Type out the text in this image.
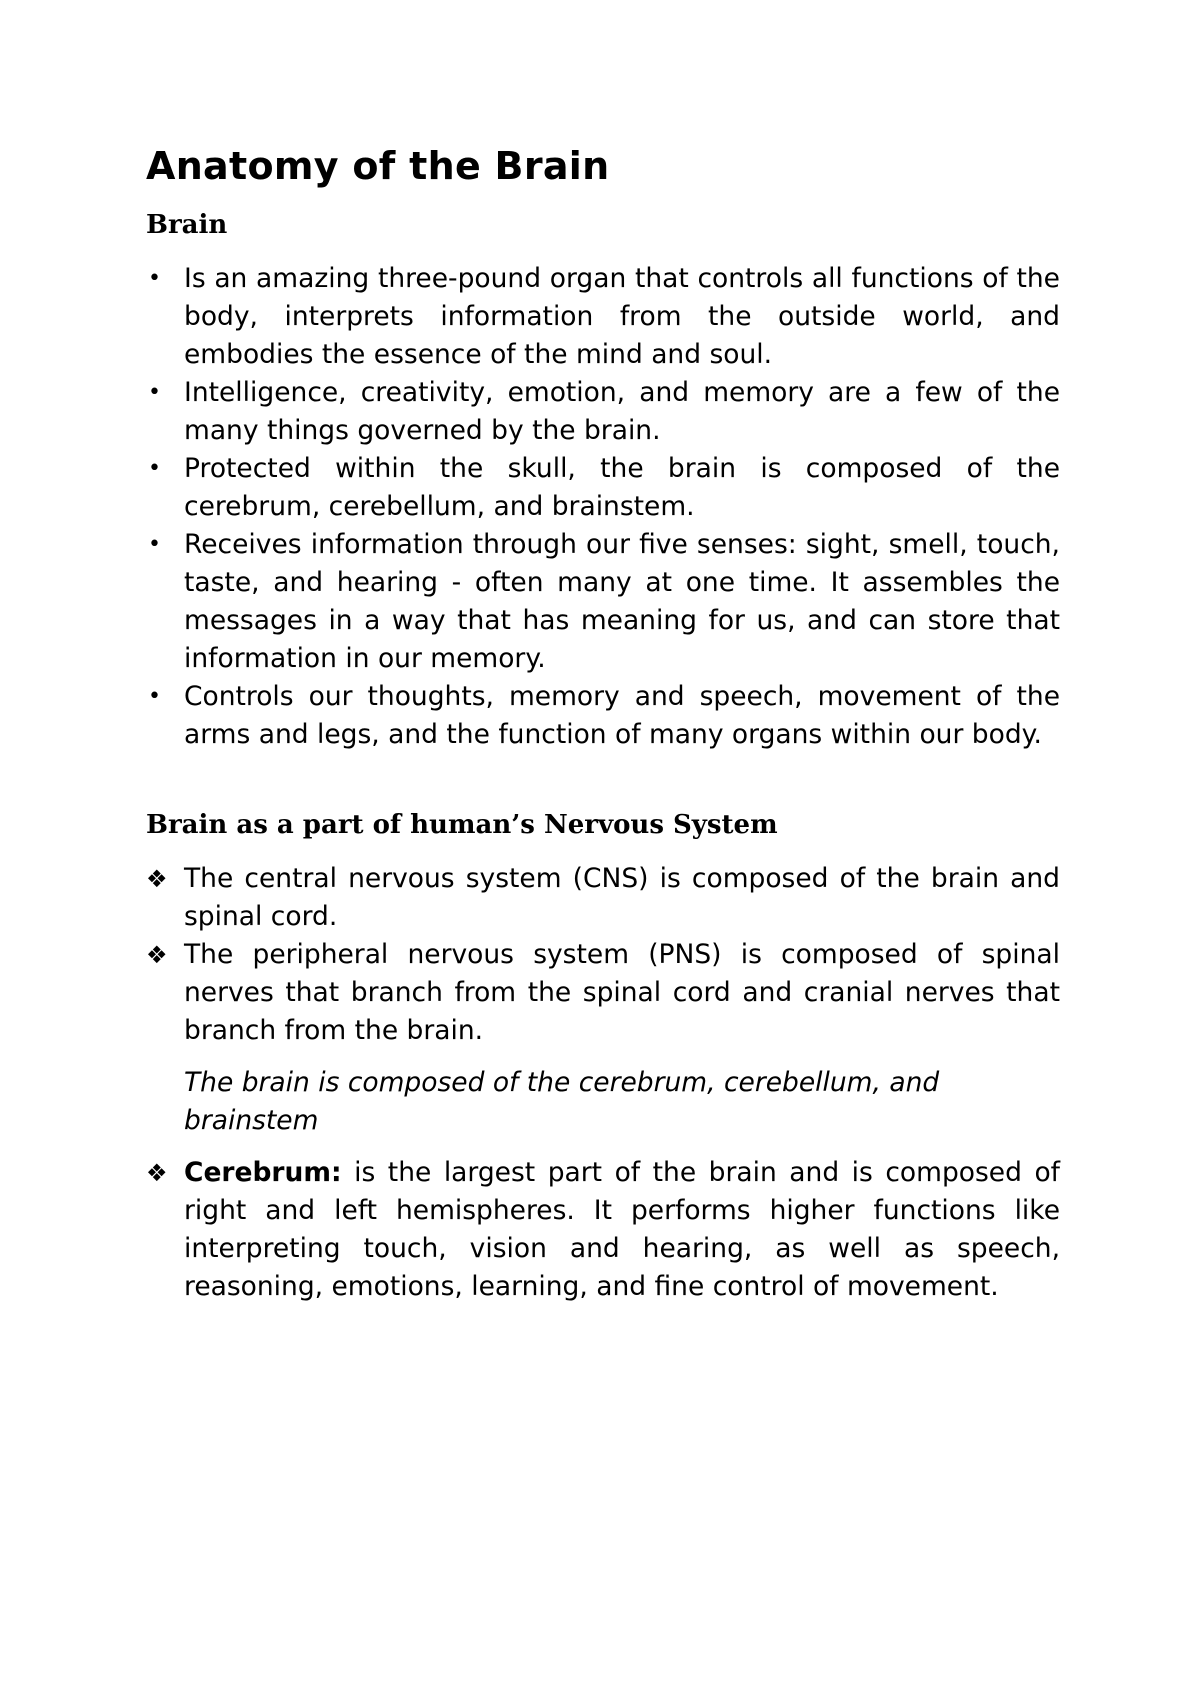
Anatomy of the Brain
Brain
• Is an amazing three-pound organ that controls all functions of the body, interprets information from the outside world, and embodies the essence of the mind and soul.
• Intelligence, creativity, emotion, and memory are a few of the many things governed by the brain.
• Protected within the skull, the brain is composed of the cerebrum, cerebellum, and brainstem.
• Receives information through our five senses: sight, smell, touch, taste, and hearing - often many at one time. It assembles the messages in a way that has meaning for us, and can store that information in our memory.
• Controls our thoughts, memory and speech, movement of the arms and legs, and the function of many organs within our body.
Brain as a part of human’s Nervous System
❖ The central nervous system (CNS) is composed of the brain and spinal cord.
❖ The peripheral nervous system (PNS) is composed of spinal nerves that branch from the spinal cord and cranial nerves that branch from the brain.

The brain is composed of the cerebrum, cerebellum, and brainstem

❖ Cerebrum: is the largest part of the brain and is composed of right and left hemispheres. It performs higher functions like interpreting touch, vision and hearing, as well as speech, reasoning, emotions, learning, and fine control of movement.
